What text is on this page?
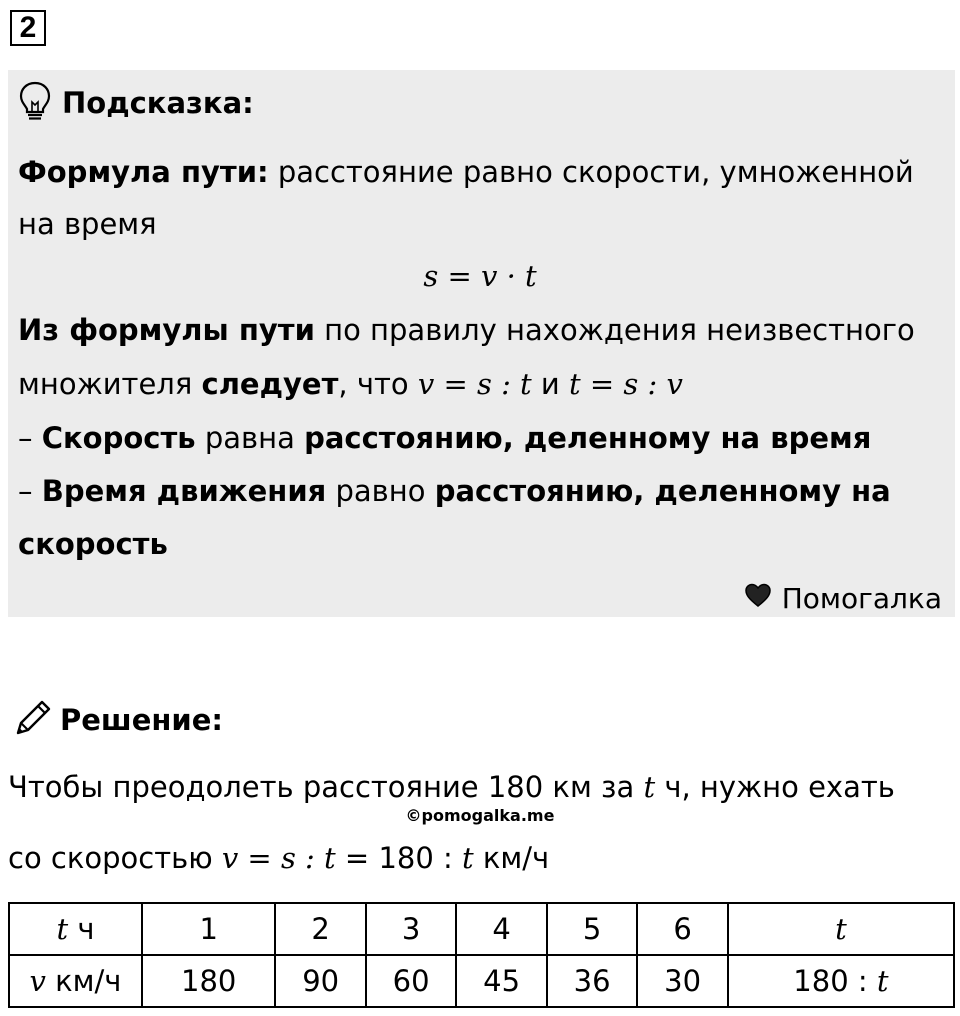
2
Подсказка:
Формула пути: расстояние равно скорости, умноженной
на время
s = v · t
Из формулы пути по правилу нахождения неизвестного
множителя следует, что v = s : t и t = s : v
– Скорость равна расстоянию, деленному на время
– Время движения равно расстоянию, деленному на
скорость
Помогалка
Решение:
Чтобы преодолеть расстояние 180 км за t ч, нужно ехать
©pomogalka.me
со скоростью v = s : t = 180 : t км/ч
t ч	1	2	3	4	5	6	t
v км/ч	180	90	60	45	36	30	180 : t
